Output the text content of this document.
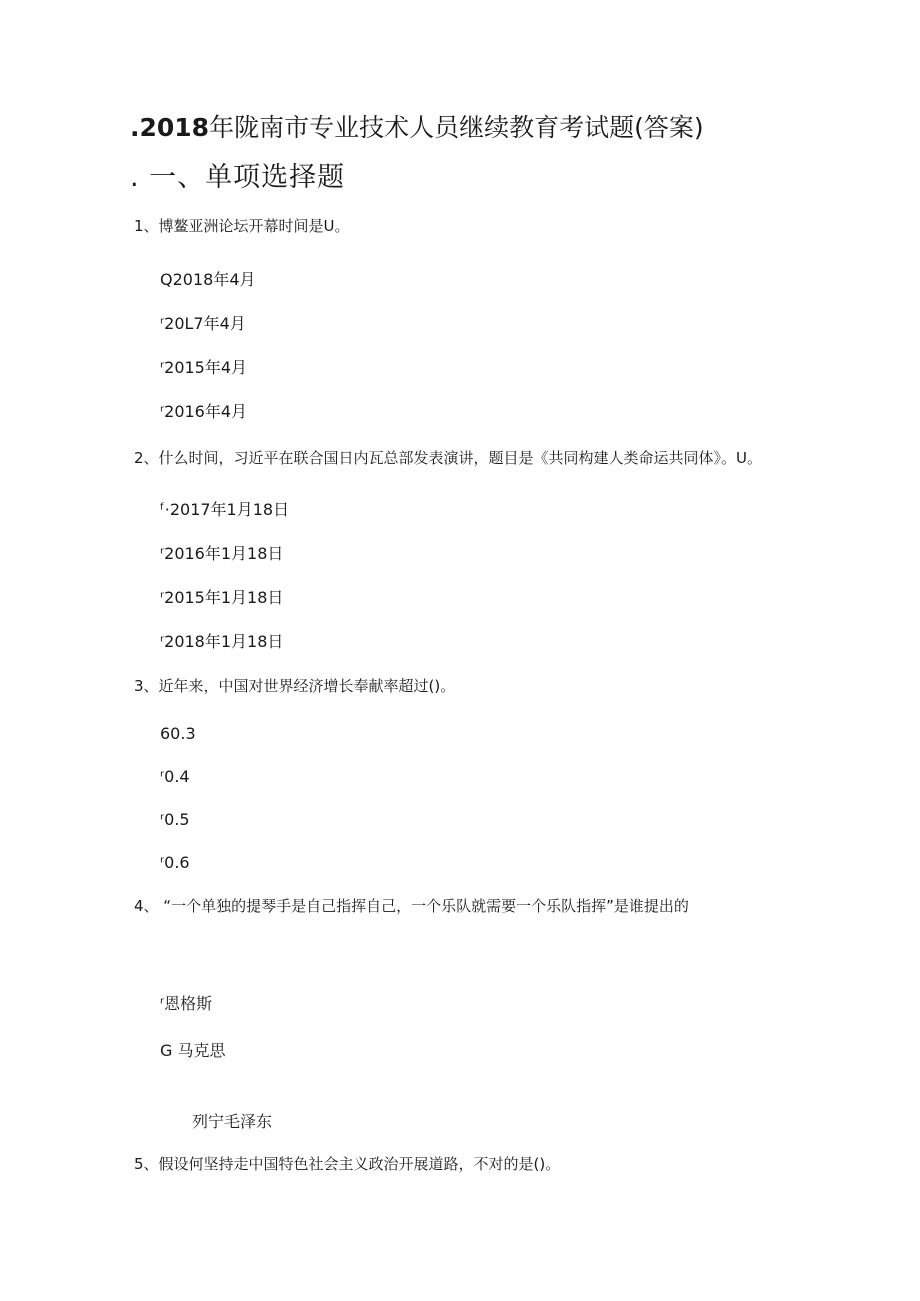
.2018年陇南市专业技术人员继续教育考试题(答案)
. 一、单项选择题
1、博鳌亚洲论坛开幕时间是U。
Q2018年4月
ʳ20L7年4月
ʳ2015年4月
ʳ2016年4月
2、什么时间，习近平在联合国日内瓦总部发表演讲，题目是《共同构建人类命运共同体》。U。
ᶠ·2017年1月18日
ʳ2016年1月18日
ʳ2015年1月18日
ʳ2018年1月18日
3、近年来，中国对世界经济增长奉献率超过()。
60.3
ʳ0.4
ʳ0.5
ʳ0.6
4、 “一个单独的提琴手是自己指挥自己，一个乐队就需要一个乐队指挥”是谁提出的
ʳ恩格斯
G 马克思
列宁毛泽东
5、假设何坚持走中国特色社会主义政治开展道路，不对的是()。
